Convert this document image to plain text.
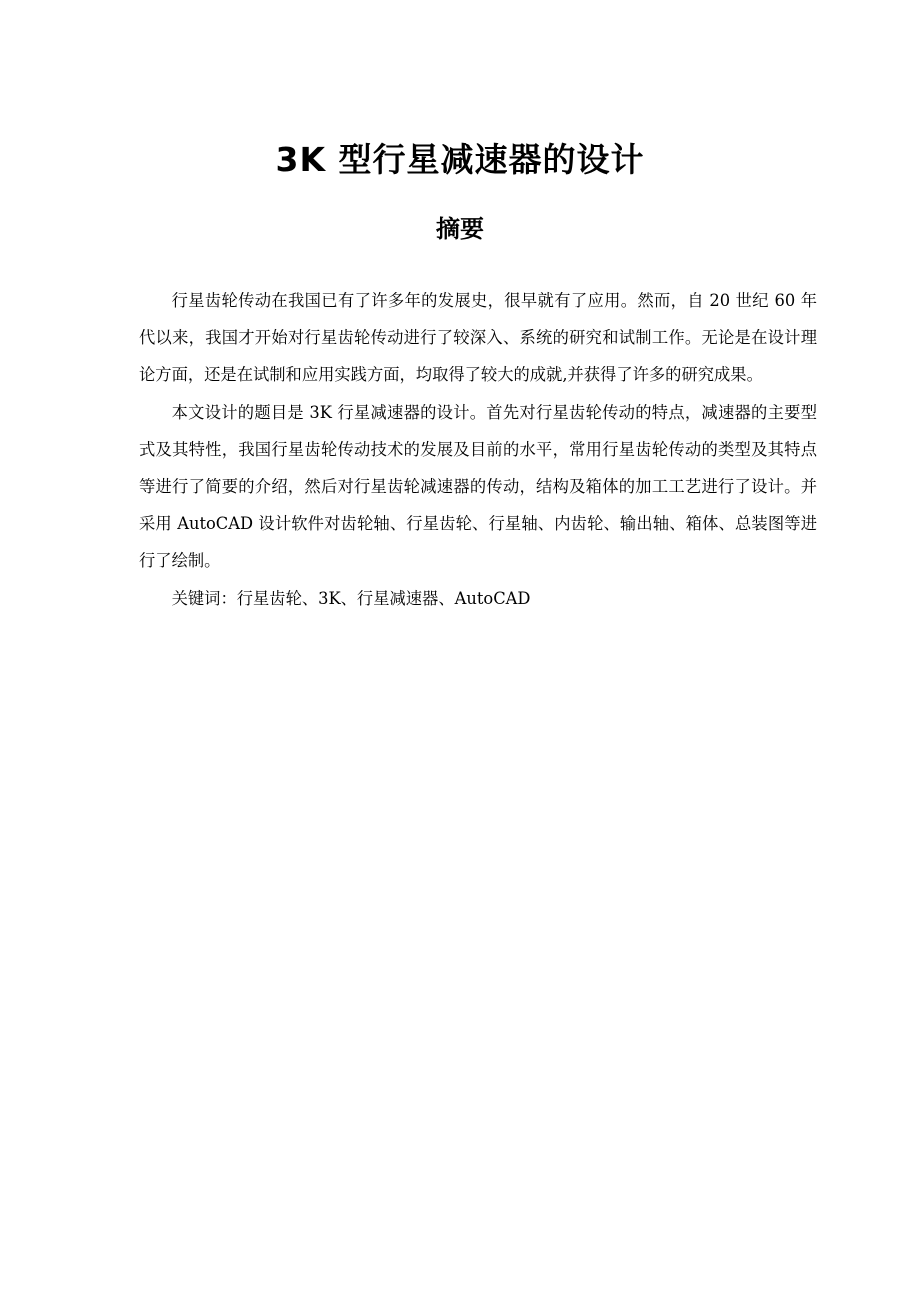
3K 型行星减速器的设计
摘要

行星齿轮传动在我国已有了许多年的发展史，很早就有了应用。然而，自 20 世纪 60 年代以来，我国才开始对行星齿轮传动进行了较深入、系统的研究和试制工作。无论是在设计理论方面，还是在试制和应用实践方面，均取得了较大的成就,并获得了许多的研究成果。

本文设计的题目是 3K 行星减速器的设计。首先对行星齿轮传动的特点，减速器的主要型式及其特性，我国行星齿轮传动技术的发展及目前的水平，常用行星齿轮传动的类型及其特点等进行了简要的介绍，然后对行星齿轮减速器的传动，结构及箱体的加工工艺进行了设计。并采用 AutoCAD 设计软件对齿轮轴、行星齿轮、行星轴、内齿轮、输出轴、箱体、总装图等进行了绘制。

关键词：行星齿轮、3K、行星减速器、AutoCAD
